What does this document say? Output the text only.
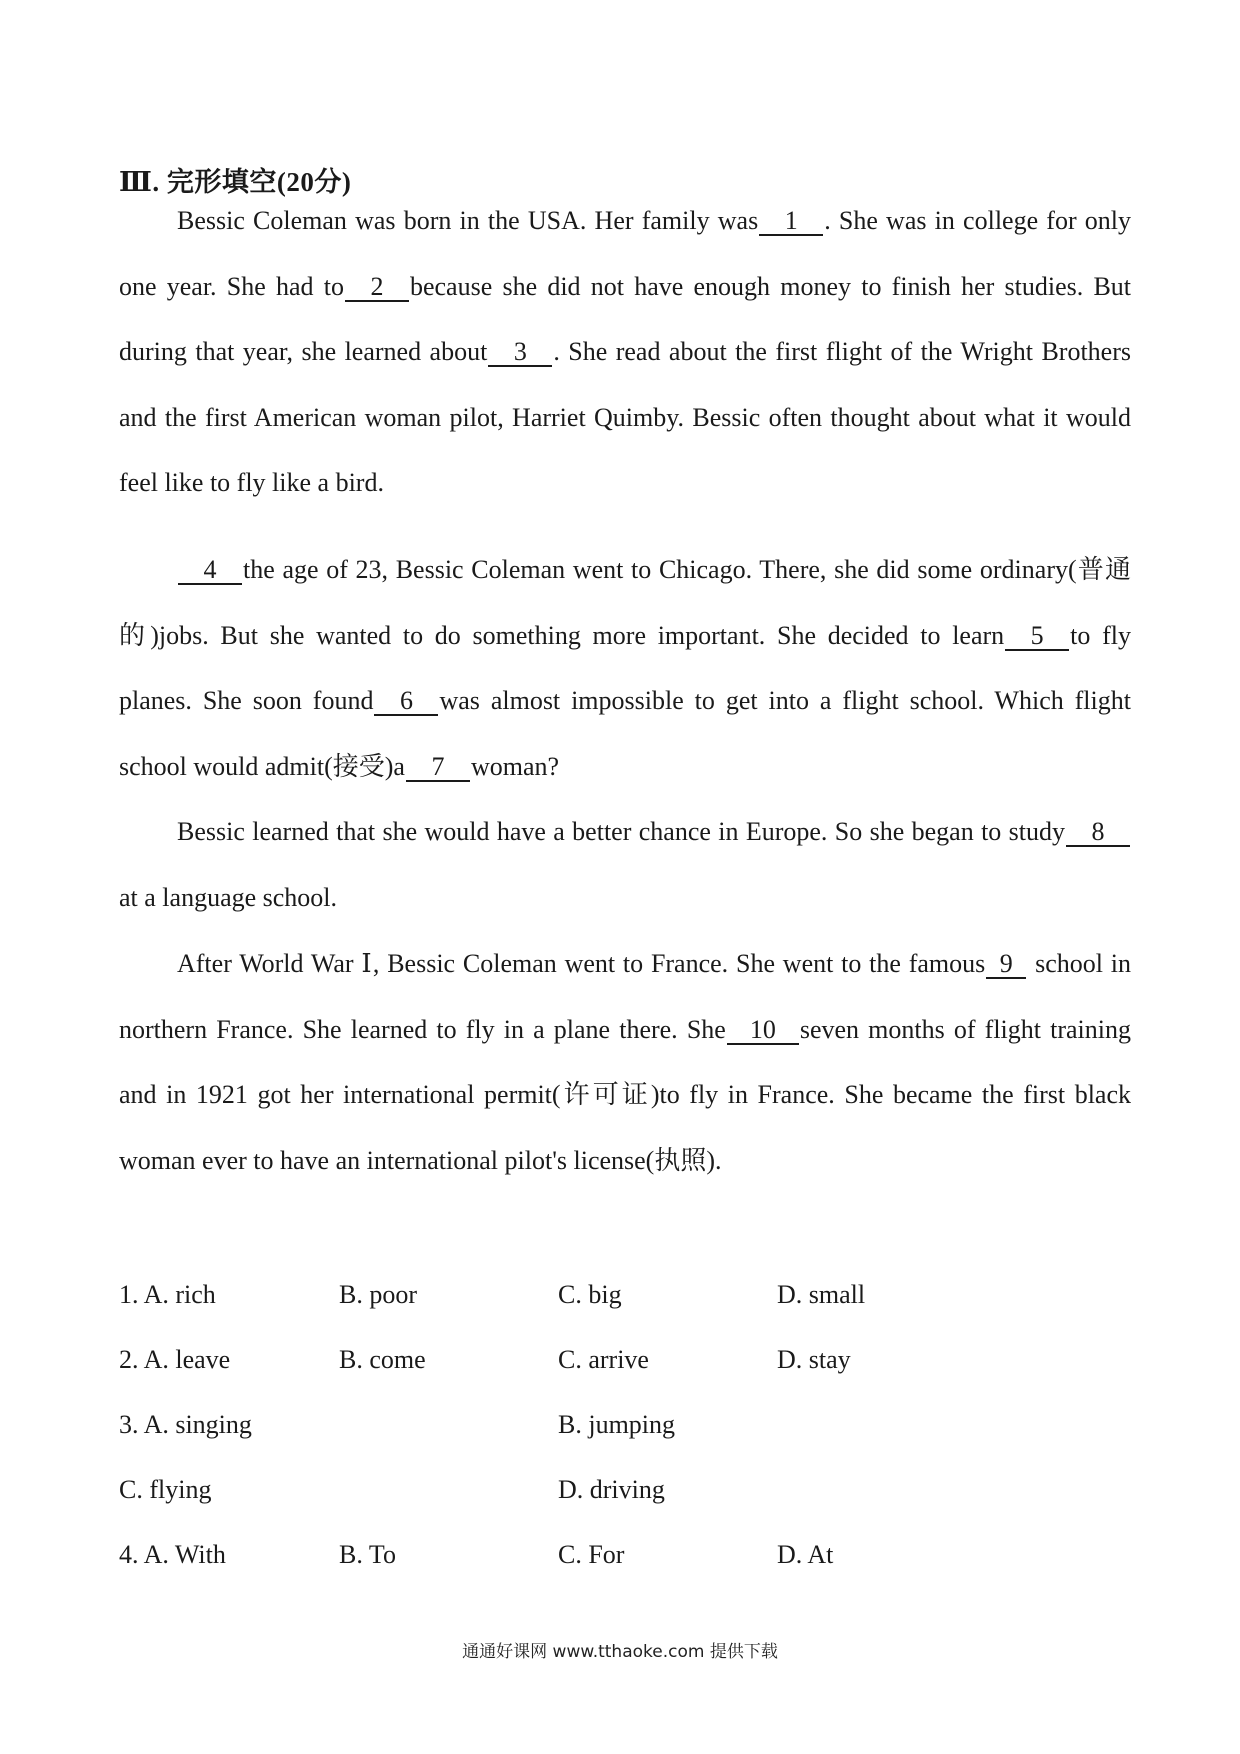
Ⅲ. 完形填空(20分)

Bessic Coleman was born in the USA. Her family was 1 . She was in college for only one year. She had to 2 because she did not have enough money to finish her studies. But during that year, she learned about 3 . She read about the first flight of the Wright Brothers and the first American woman pilot, Harriet Quimby. Bessic often thought about what it would feel like to fly like a bird.

4 the age of 23, Bessic Coleman went to Chicago. There, she did some ordinary(普通的)jobs. But she wanted to do something more important. She decided to learn 5 to fly planes. She soon found 6 was almost impossible to get into a flight school. Which flight school would admit(接受)a 7 woman?

Bessic learned that she would have a better chance in Europe. So she began to study 8at a language school.

After World War Ⅰ, Bessic Coleman went to France. She went to the famous 9 school in northern France. She learned to fly in a plane there. She 10 seven months of flight training and in 1921 got her international permit(许可证)to fly in France. She became the first black woman ever to have an international pilot's license(执照).

1. A. rich	B. poor	C. big	D. small
2. A. leave	B. come	C. arrive	D. stay
3. A. singing	B. jumping
C. flying	D. driving
4. A. With	B. To	C. For	D. At
通通好课网 www.tthaoke.com 提供下载
